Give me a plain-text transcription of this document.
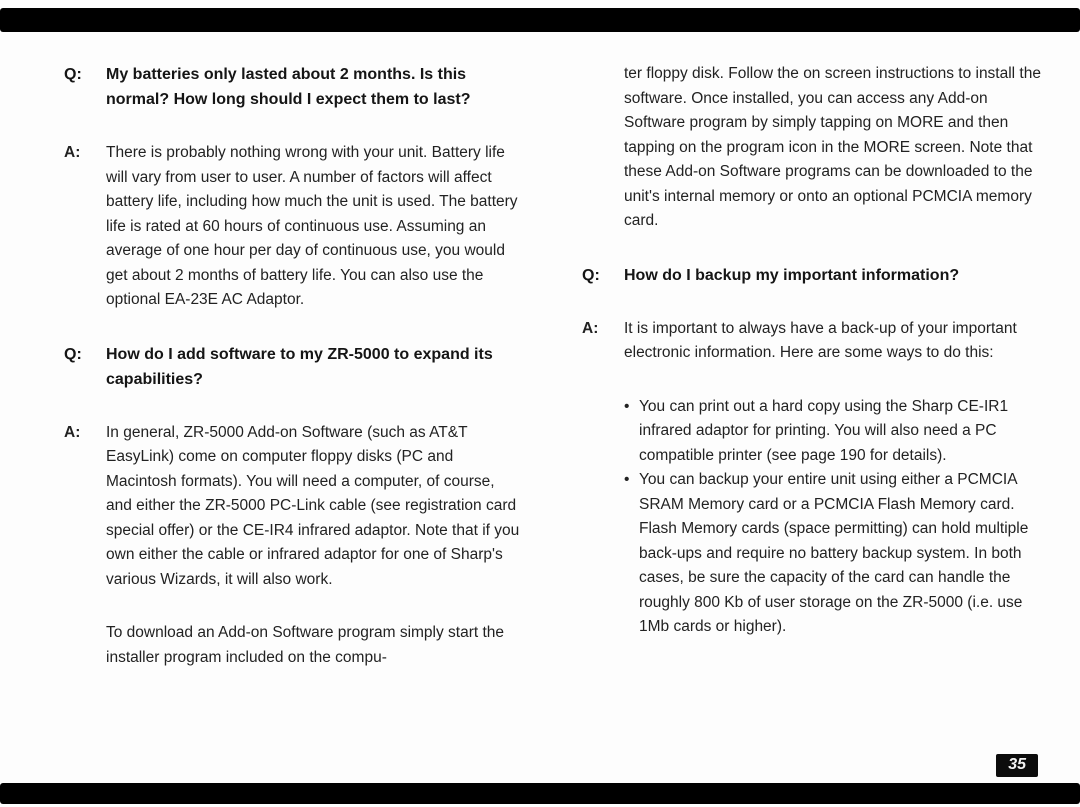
Q:	My batteries only lasted about 2 months. Is this normal? How long should I expect them to last?
A:	There is probably nothing wrong with your unit. Battery life will vary from user to user. A number of factors will affect battery life, including how much the unit is used. The battery life is rated at 60 hours of continuous use. Assuming an average of one hour per day of continuous use, you would get about 2 months of battery life. You can also use the optional EA-23E AC Adaptor.
Q:	How do I add software to my ZR-5000 to expand its capabilities?
A:	In general, ZR-5000 Add-on Software (such as AT&T EasyLink) come on computer floppy disks (PC and Macintosh formats). You will need a computer, of course, and either the ZR-5000 PC-Link cable (see registration card special offer) or the CE-IR4 infrared adaptor. Note that if you own either the cable or infrared adaptor for one of Sharp's various Wizards, it will also work.
To download an Add-on Software program simply start the installer program included on the compu-
ter floppy disk. Follow the on screen instructions to install the software. Once installed, you can access any Add-on Software program by simply tapping on MORE and then tapping on the program icon in the MORE screen. Note that these Add-on Software programs can be downloaded to the unit's internal memory or onto an optional PCMCIA memory card.
Q:	How do I backup my important information?
A:	It is important to always have a back-up of your important electronic information. Here are some ways to do this:
• You can print out a hard copy using the Sharp CE-IR1 infrared adaptor for printing. You will also need a PC compatible printer (see page 190 for details).
• You can backup your entire unit using either a PCMCIA SRAM Memory card or a PCMCIA Flash Memory card. Flash Memory cards (space permitting) can hold multiple back-ups and require no battery backup system. In both cases, be sure the capacity of the card can handle the roughly 800 Kb of user storage on the ZR-5000 (i.e. use 1Mb cards or higher).
35
